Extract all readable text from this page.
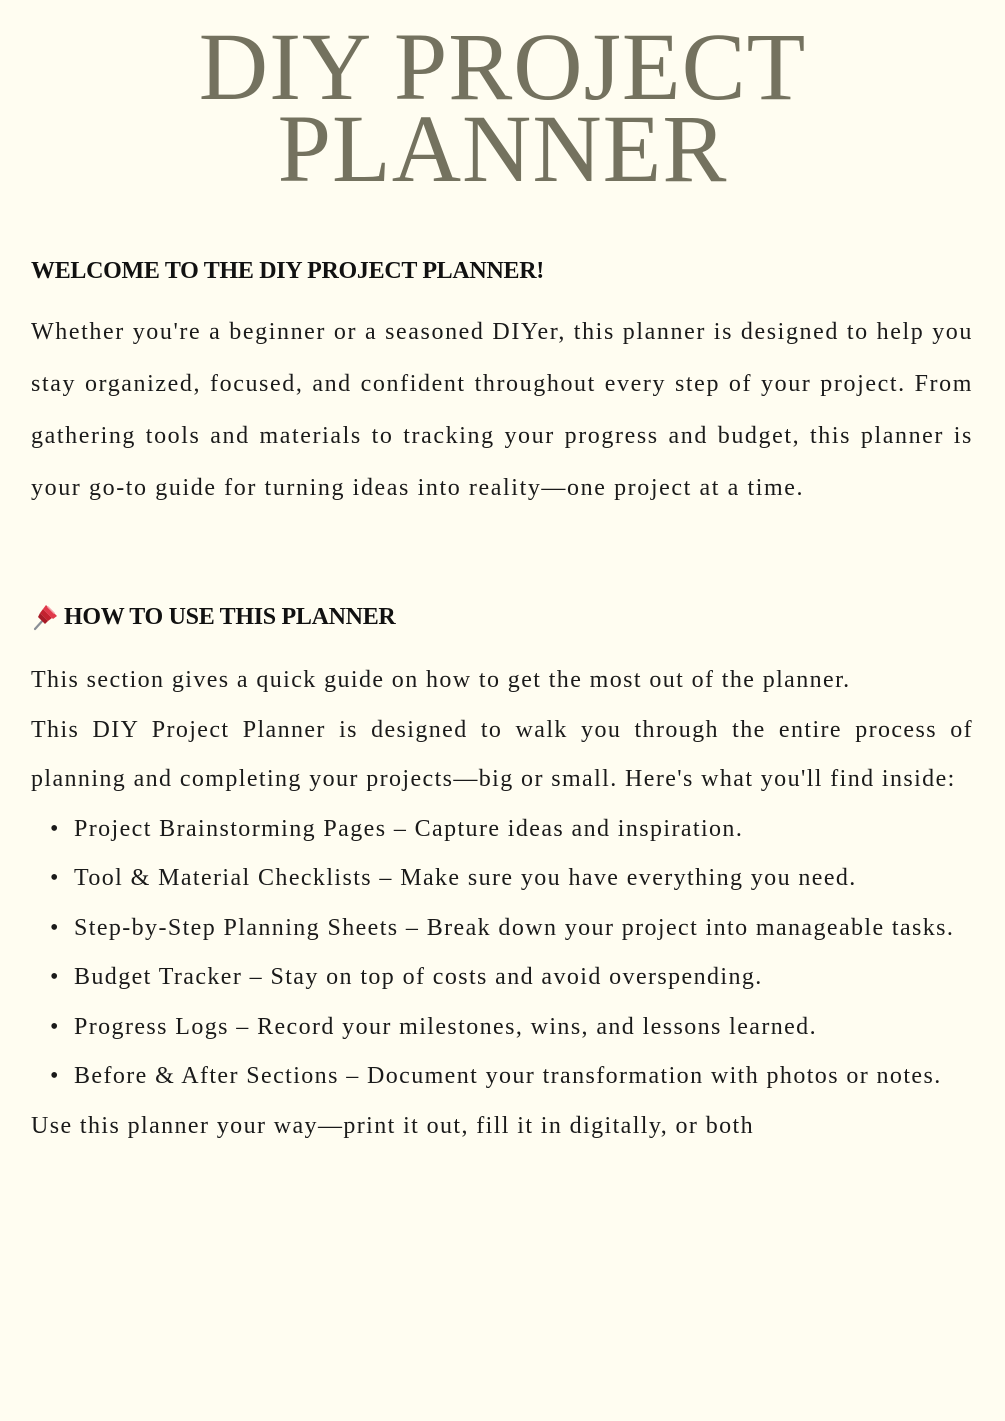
DIY PROJECT
PLANNER
WELCOME TO THE DIY PROJECT PLANNER!

Whether you're a beginner or a seasoned DIYer, this planner is designed to help you stay organized, focused, and confident throughout every step of your project. From gathering tools and materials to tracking your progress and budget, this planner is your go-to guide for turning ideas into reality—one project at a time.

HOW TO USE THIS PLANNER

This section gives a quick guide on how to get the most out of the planner.

This DIY Project Planner is designed to walk you through the entire process of planning and completing your projects—big or small. Here's what you'll find inside:

• Project Brainstorming Pages – Capture ideas and inspiration.
• Tool & Material Checklists – Make sure you have everything you need.
• Step-by-Step Planning Sheets – Break down your project into manageable tasks.
• Budget Tracker – Stay on top of costs and avoid overspending.
• Progress Logs – Record your milestones, wins, and lessons learned.
• Before & After Sections – Document your transformation with photos or notes.

Use this planner your way—print it out, fill it in digitally, or both
